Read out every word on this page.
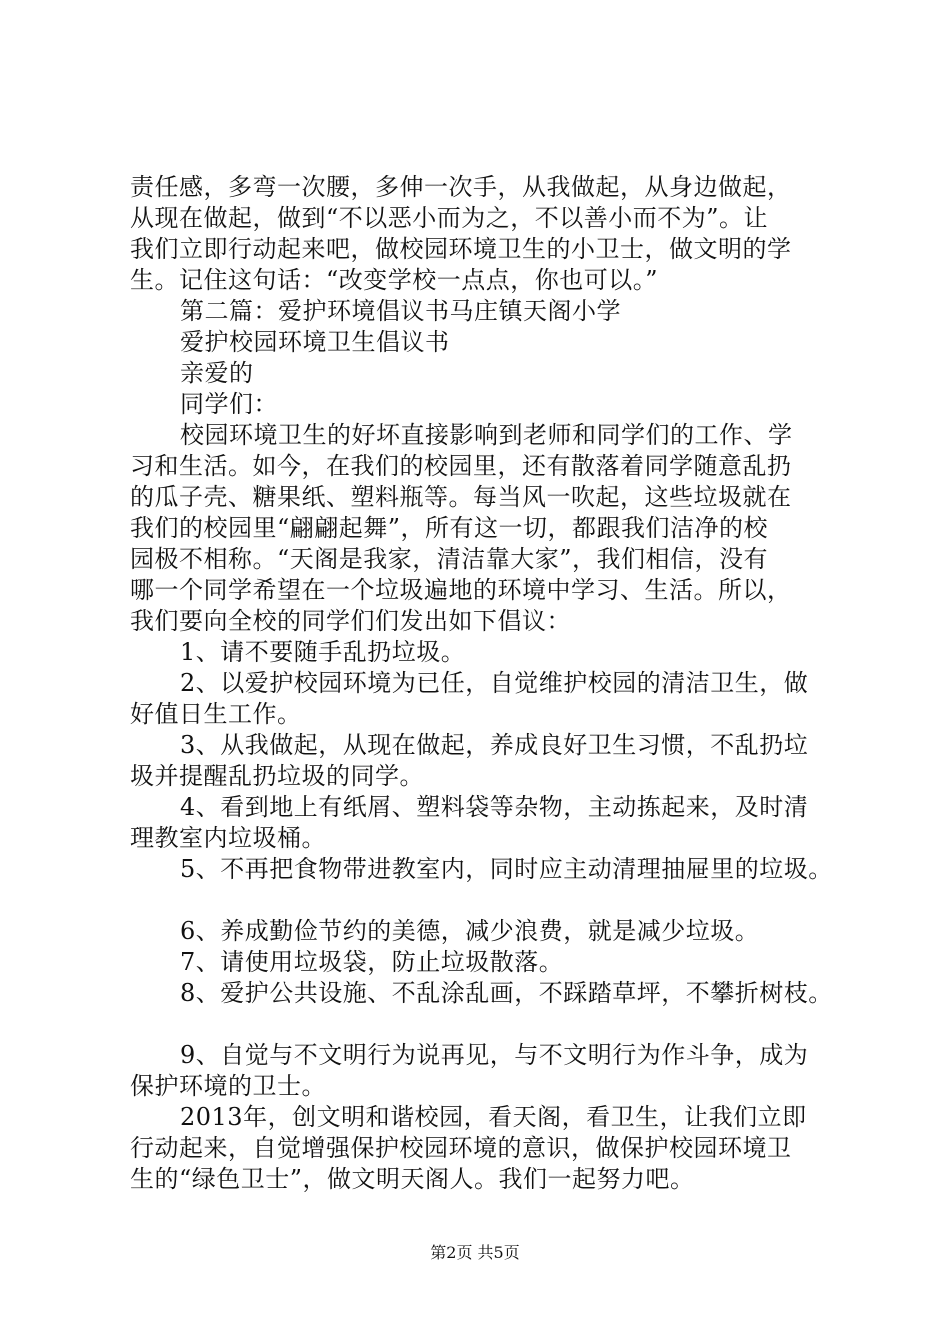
责任感，多弯一次腰，多伸一次手，从我做起，从身边做起，
从现在做起，做到“不以恶小而为之，不以善小而不为”。让
我们立即行动起来吧，做校园环境卫生的小卫士，做文明的学
生。记住这句话：“改变学校一点点，你也可以。”
第二篇：爱护环境倡议书马庄镇天阁小学
爱护校园环境卫生倡议书
亲爱的
同学们：
校园环境卫生的好坏直接影响到老师和同学们的工作、学
习和生活。如今，在我们的校园里，还有散落着同学随意乱扔
的瓜子壳、糖果纸、塑料瓶等。每当风一吹起，这些垃圾就在
我们的校园里“翩翩起舞”，所有这一切，都跟我们洁净的校
园极不相称。“天阁是我家，清洁靠大家”，我们相信，没有
哪一个同学希望在一个垃圾遍地的环境中学习、生活。所以，
我们要向全校的同学们们发出如下倡议：
1、请不要随手乱扔垃圾。
2、以爱护校园环境为已任，自觉维护校园的清洁卫生，做
好值日生工作。
3、从我做起，从现在做起，养成良好卫生习惯，不乱扔垃
圾并提醒乱扔垃圾的同学。
4、看到地上有纸屑、塑料袋等杂物，主动拣起来，及时清
理教室内垃圾桶。
5、不再把食物带进教室内，同时应主动清理抽屉里的垃圾。
6、养成勤俭节约的美德，减少浪费，就是减少垃圾。
7、请使用垃圾袋，防止垃圾散落。
8、爱护公共设施、不乱涂乱画，不踩踏草坪，不攀折树枝。
9、自觉与不文明行为说再见，与不文明行为作斗争，成为
保护环境的卫士。
2013年，创文明和谐校园，看天阁，看卫生，让我们立即
行动起来，自觉增强保护校园环境的意识，做保护校园环境卫
生的“绿色卫士”，做文明天阁人。我们一起努力吧。
第2页 共5页
